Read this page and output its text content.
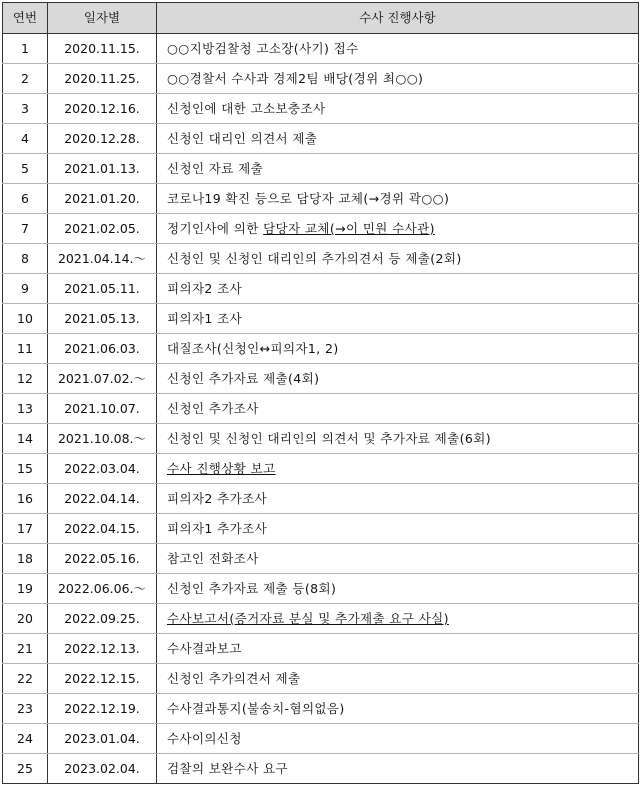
연번	일자별	수사 진행사항
1	2020.11.15.	○○지방검찰청 고소장(사기) 접수
2	2020.11.25.	○○경찰서 수사과 경제2팀 배당(경위 최○○)
3	2020.12.16.	신청인에 대한 고소보충조사
4	2020.12.28.	신청인 대리인 의견서 제출
5	2021.01.13.	신청인 자료 제출
6	2021.01.20.	코로나19 확진 등으로 담당자 교체(→경위 곽○○)
7	2021.02.05.	정기인사에 의한 담당자 교체(→이 민원 수사관)
8	2021.04.14.～	신청인 및 신청인 대리인의 추가의견서 등 제출(2회)
9	2021.05.11.	피의자2 조사
10	2021.05.13.	피의자1 조사
11	2021.06.03.	대질조사(신청인↔피의자1, 2)
12	2021.07.02.～	신청인 추가자료 제출(4회)
13	2021.10.07.	신청인 추가조사
14	2021.10.08.～	신청인 및 신청인 대리인의 의견서 및 추가자료 제출(6회)
15	2022.03.04.	수사 진행상황 보고
16	2022.04.14.	피의자2 추가조사
17	2022.04.15.	피의자1 추가조사
18	2022.05.16.	참고인 전화조사
19	2022.06.06.～	신청인 추가자료 제출 등(8회)
20	2022.09.25.	수사보고서(증거자료 분실 및 추가제출 요구 사실)
21	2022.12.13.	수사결과보고
22	2022.12.15.	신청인 추가의견서 제출
23	2022.12.19.	수사결과통지(불송치-혐의없음)
24	2023.01.04.	수사이의신청
25	2023.02.04.	검찰의 보완수사 요구
